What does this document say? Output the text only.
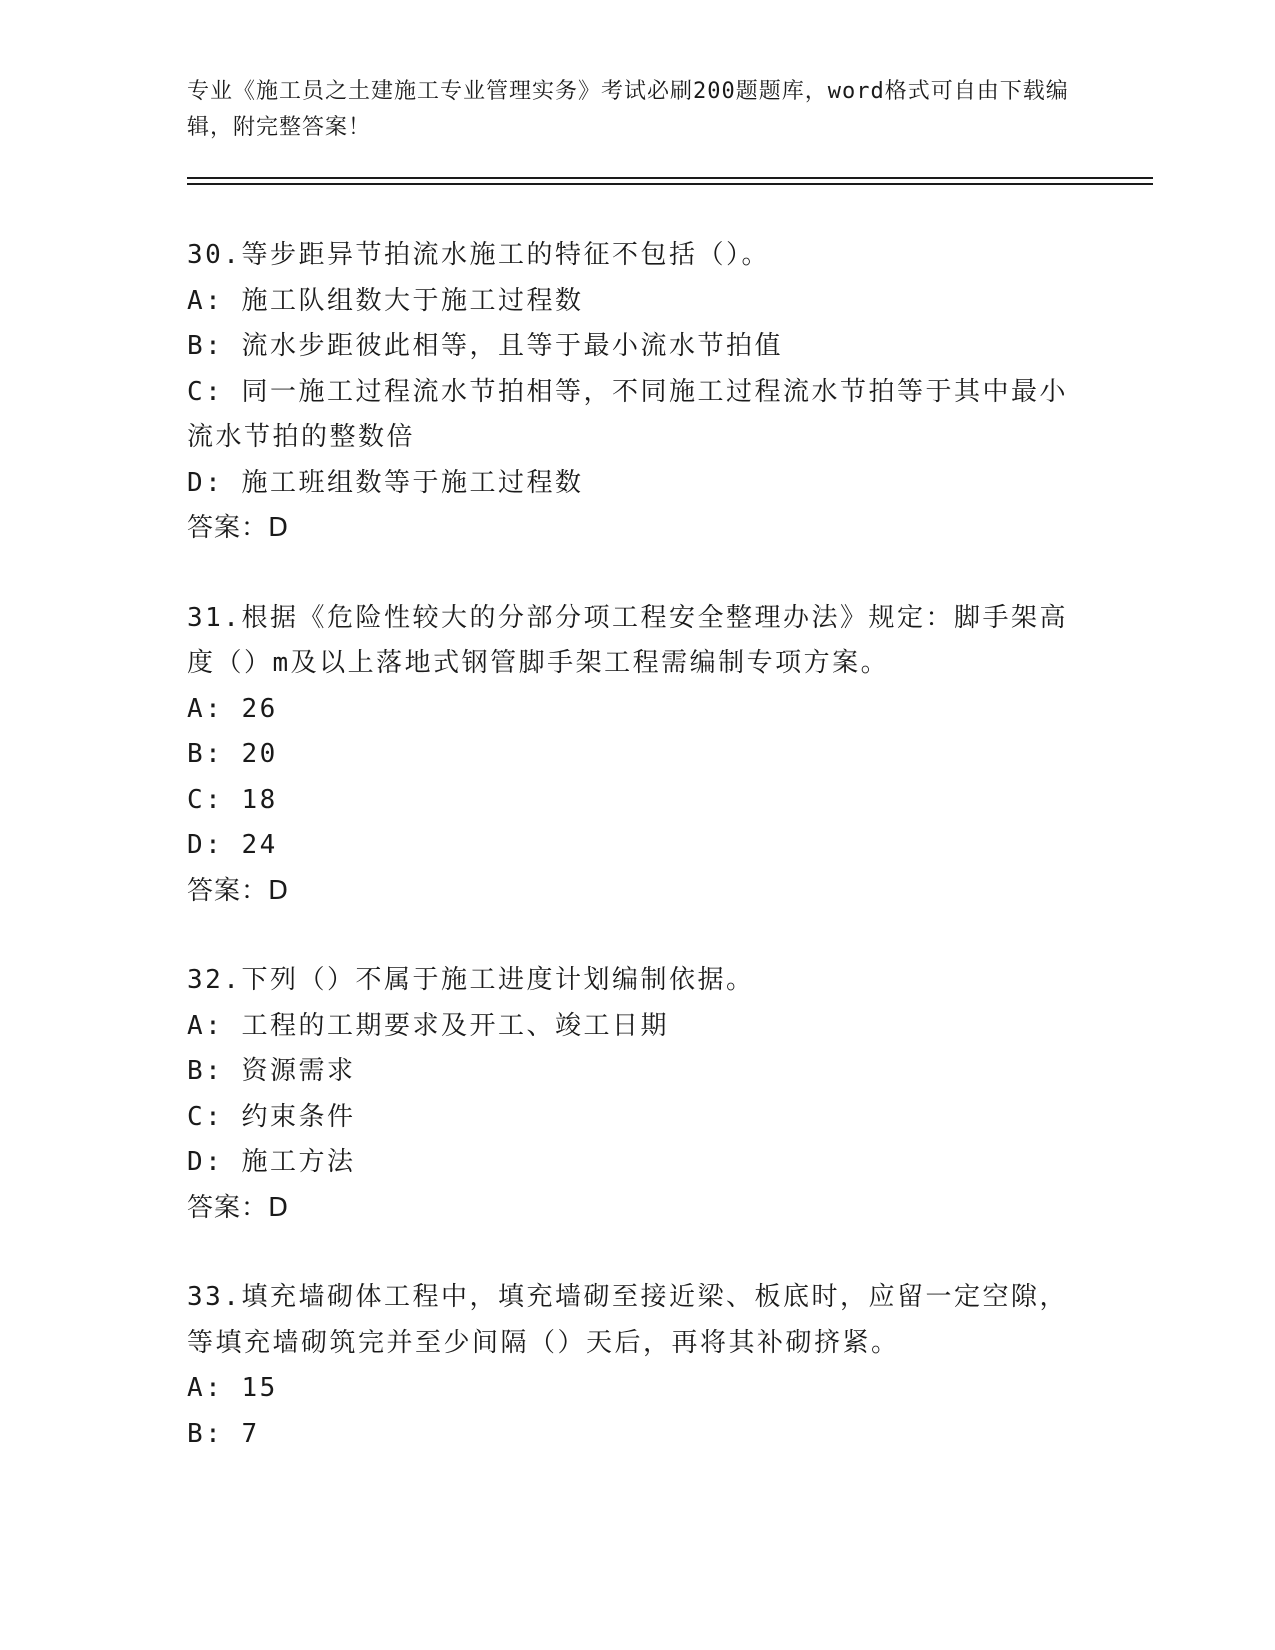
专业《施工员之土建施工专业管理实务》考试必刷200题题库，word格式可自由下载编辑，附完整答案！
30.等步距异节拍流水施工的特征不包括（）。
A: 施工队组数大于施工过程数
B: 流水步距彼此相等，且等于最小流水节拍值
C: 同一施工过程流水节拍相等，不同施工过程流水节拍等于其中最小流水节拍的整数倍
D: 施工班组数等于施工过程数
答案：D
31.根据《危险性较大的分部分项工程安全整理办法》规定：脚手架高度（）m及以上落地式钢管脚手架工程需编制专项方案。
A: 26
B: 20
C: 18
D: 24
答案：D
32.下列（）不属于施工进度计划编制依据。
A: 工程的工期要求及开工、竣工日期
B: 资源需求
C: 约束条件
D: 施工方法
答案：D
33.填充墙砌体工程中，填充墙砌至接近梁、板底时，应留一定空隙，等填充墙砌筑完并至少间隔（）天后，再将其补砌挤紧。
A: 15
B: 7
